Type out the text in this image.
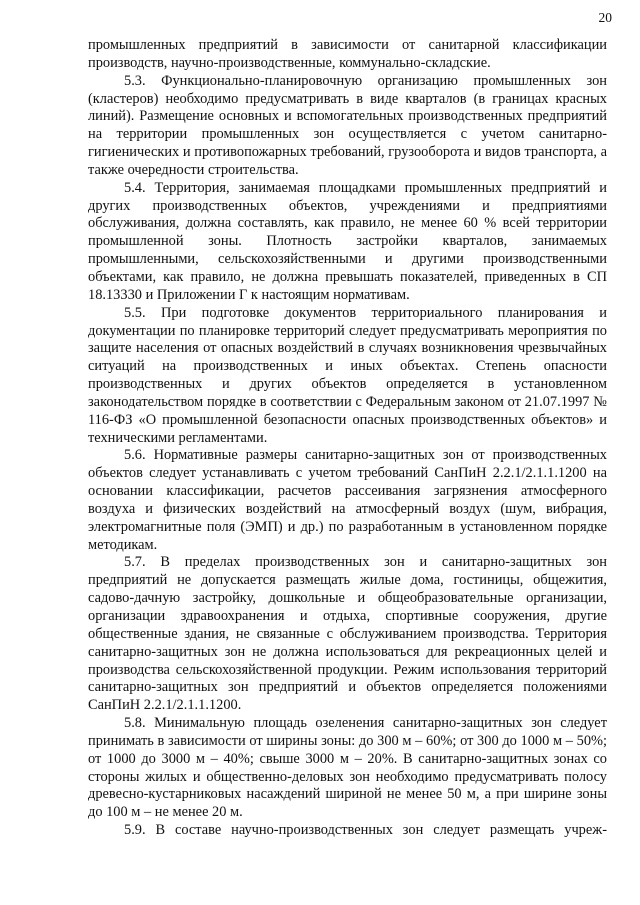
20

промышленных предприятий в зависимости от санитарной классификации производств, научно-производственные, коммунально-складские.

5.3. Функционально-планировочную организацию промышленных зон (кластеров) необходимо предусматривать в виде кварталов (в границах красных линий). Размещение основных и вспомогательных производственных предприятий на территории промышленных зон осуществляется с учетом санитарно-гигиенических и противопожарных требований, грузооборота и видов транспорта, а также очередности строительства.

5.4. Территория, занимаемая площадками промышленных предприятий и других производственных объектов, учреждениями и предприятиями обслуживания, должна составлять, как правило, не менее 60 % всей территории промышленной зоны. Плотность застройки кварталов, занимаемых промышленными, сельскохозяйственными и другими производственными объектами, как правило, не должна превышать показателей, приведенных в СП 18.13330 и Приложении Г к настоящим нормативам.

5.5. При подготовке документов территориального планирования и документации по планировке территорий следует предусматривать мероприятия по защите населения от опасных воздействий в случаях возникновения чрезвычайных ситуаций на производственных и иных объектах. Степень опасности производственных и других объектов определяется в установленном законодательством порядке в соответствии с Федеральным законом от 21.07.1997 № 116-ФЗ «О промышленной безопасности опасных производственных объектов» и техническими регламентами.

5.6. Нормативные размеры санитарно-защитных зон от производственных объектов следует устанавливать с учетом требований СанПиН 2.2.1/2.1.1.1200 на основании классификации, расчетов рассеивания загрязнения атмосферного воздуха и физических воздействий на атмосферный воздух (шум, вибрация, электромагнитные поля (ЭМП) и др.) по разработанным в установленном порядке методикам.

5.7. В пределах производственных зон и санитарно-защитных зон предприятий не допускается размещать жилые дома, гостиницы, общежития, садово-дачную застройку, дошкольные и общеобразовательные организации, организации здравоохранения и отдыха, спортивные сооружения, другие общественные здания, не связанные с обслуживанием производства. Территория санитарно-защитных зон не должна использоваться для рекреационных целей и производства сельскохозяйственной продукции. Режим использования территорий санитарно-защитных зон предприятий и объектов определяется положениями СанПиН 2.2.1/2.1.1.1200.

5.8. Минимальную площадь озеленения санитарно-защитных зон следует принимать в зависимости от ширины зоны: до 300 м – 60%; от 300 до 1000 м – 50%; от 1000 до 3000 м – 40%; свыше 3000 м – 20%. В санитарно-защитных зонах со стороны жилых и общественно-деловых зон необходимо предусматривать полосу древесно-кустарниковых насаждений шириной не менее 50 м, а при ширине зоны до 100 м – не менее 20 м.

5.9. В составе научно-производственных зон следует размещать учреж-
